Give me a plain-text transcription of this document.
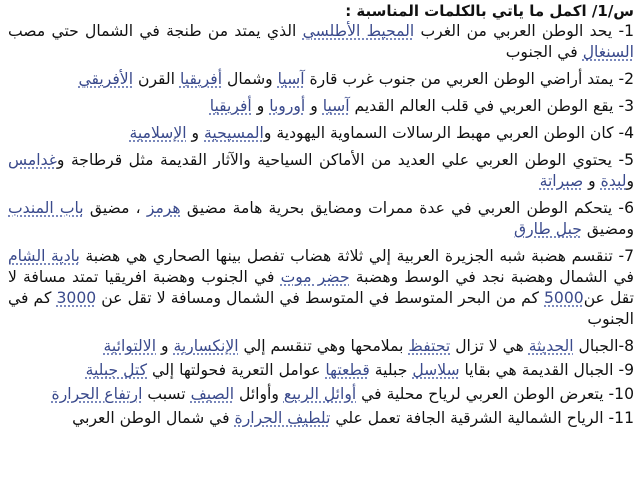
س/1/ اكمل ما ياتي بالكلمات المناسبة :
1- يحد الوطن العربي من الغرب المحيط الأطلسي الذي يمتد من طنجة في الشمال حتي مصب السنغال في الجنوب
2- يمتد أراضي الوطن العربي من جنوب غرب قارة آسيا وشمال أفريقيا القرن الأفريقي
3- يقع الوطن العربي في قلب العالم القديم آسيا و أوروبا و أفريقيا
4- كان الوطن العربي مهبط الرسالات السماوية اليهودية والمسيحية و الإسلامية
5- يحتوي الوطن العربي علي العديد من الأماكن السياحية والآثار القديمة مثل قرطاجة وغدامس ولبدة و صبراتة
6- يتحكم الوطن العربي في عدة ممرات ومضايق بحرية هامة مضيق هرمز ، مضيق باب المندب ومضيق جبل طارق
7- تنقسم هضبة شبه الجزيرة العربية إلي ثلاثة هضاب تفصل بينها الصحاري هي هضبة بادية الشام في الشمال وهضبة نجد في الوسط وهضبة حضر موت في الجنوب وهضبة افريقيا تمتد مسافة لا تقل عن5000 كم من البحر المتوسط في المتوسط في الشمال ومسافة لا تقل عن 3000 كم في الجنوب
8-الجبال الحديثة هي لا تزال تحتفظ بملامحها وهي تنقسم إلي الإنكسارية و الالتوائية
9- الجبال القديمة هي بقايا سلاسل جبلية قطعتها عوامل التعرية فحولتها إلي كتل جبلية
10- يتعرض الوطن العربي لرياح محلية في أوائل الربيع وأوائل الصيف تسبب ارتفاع الحرارة
11- الرياح الشمالية الشرقية الجافة تعمل علي تلطيف الحرارة في شمال الوطن العربي
